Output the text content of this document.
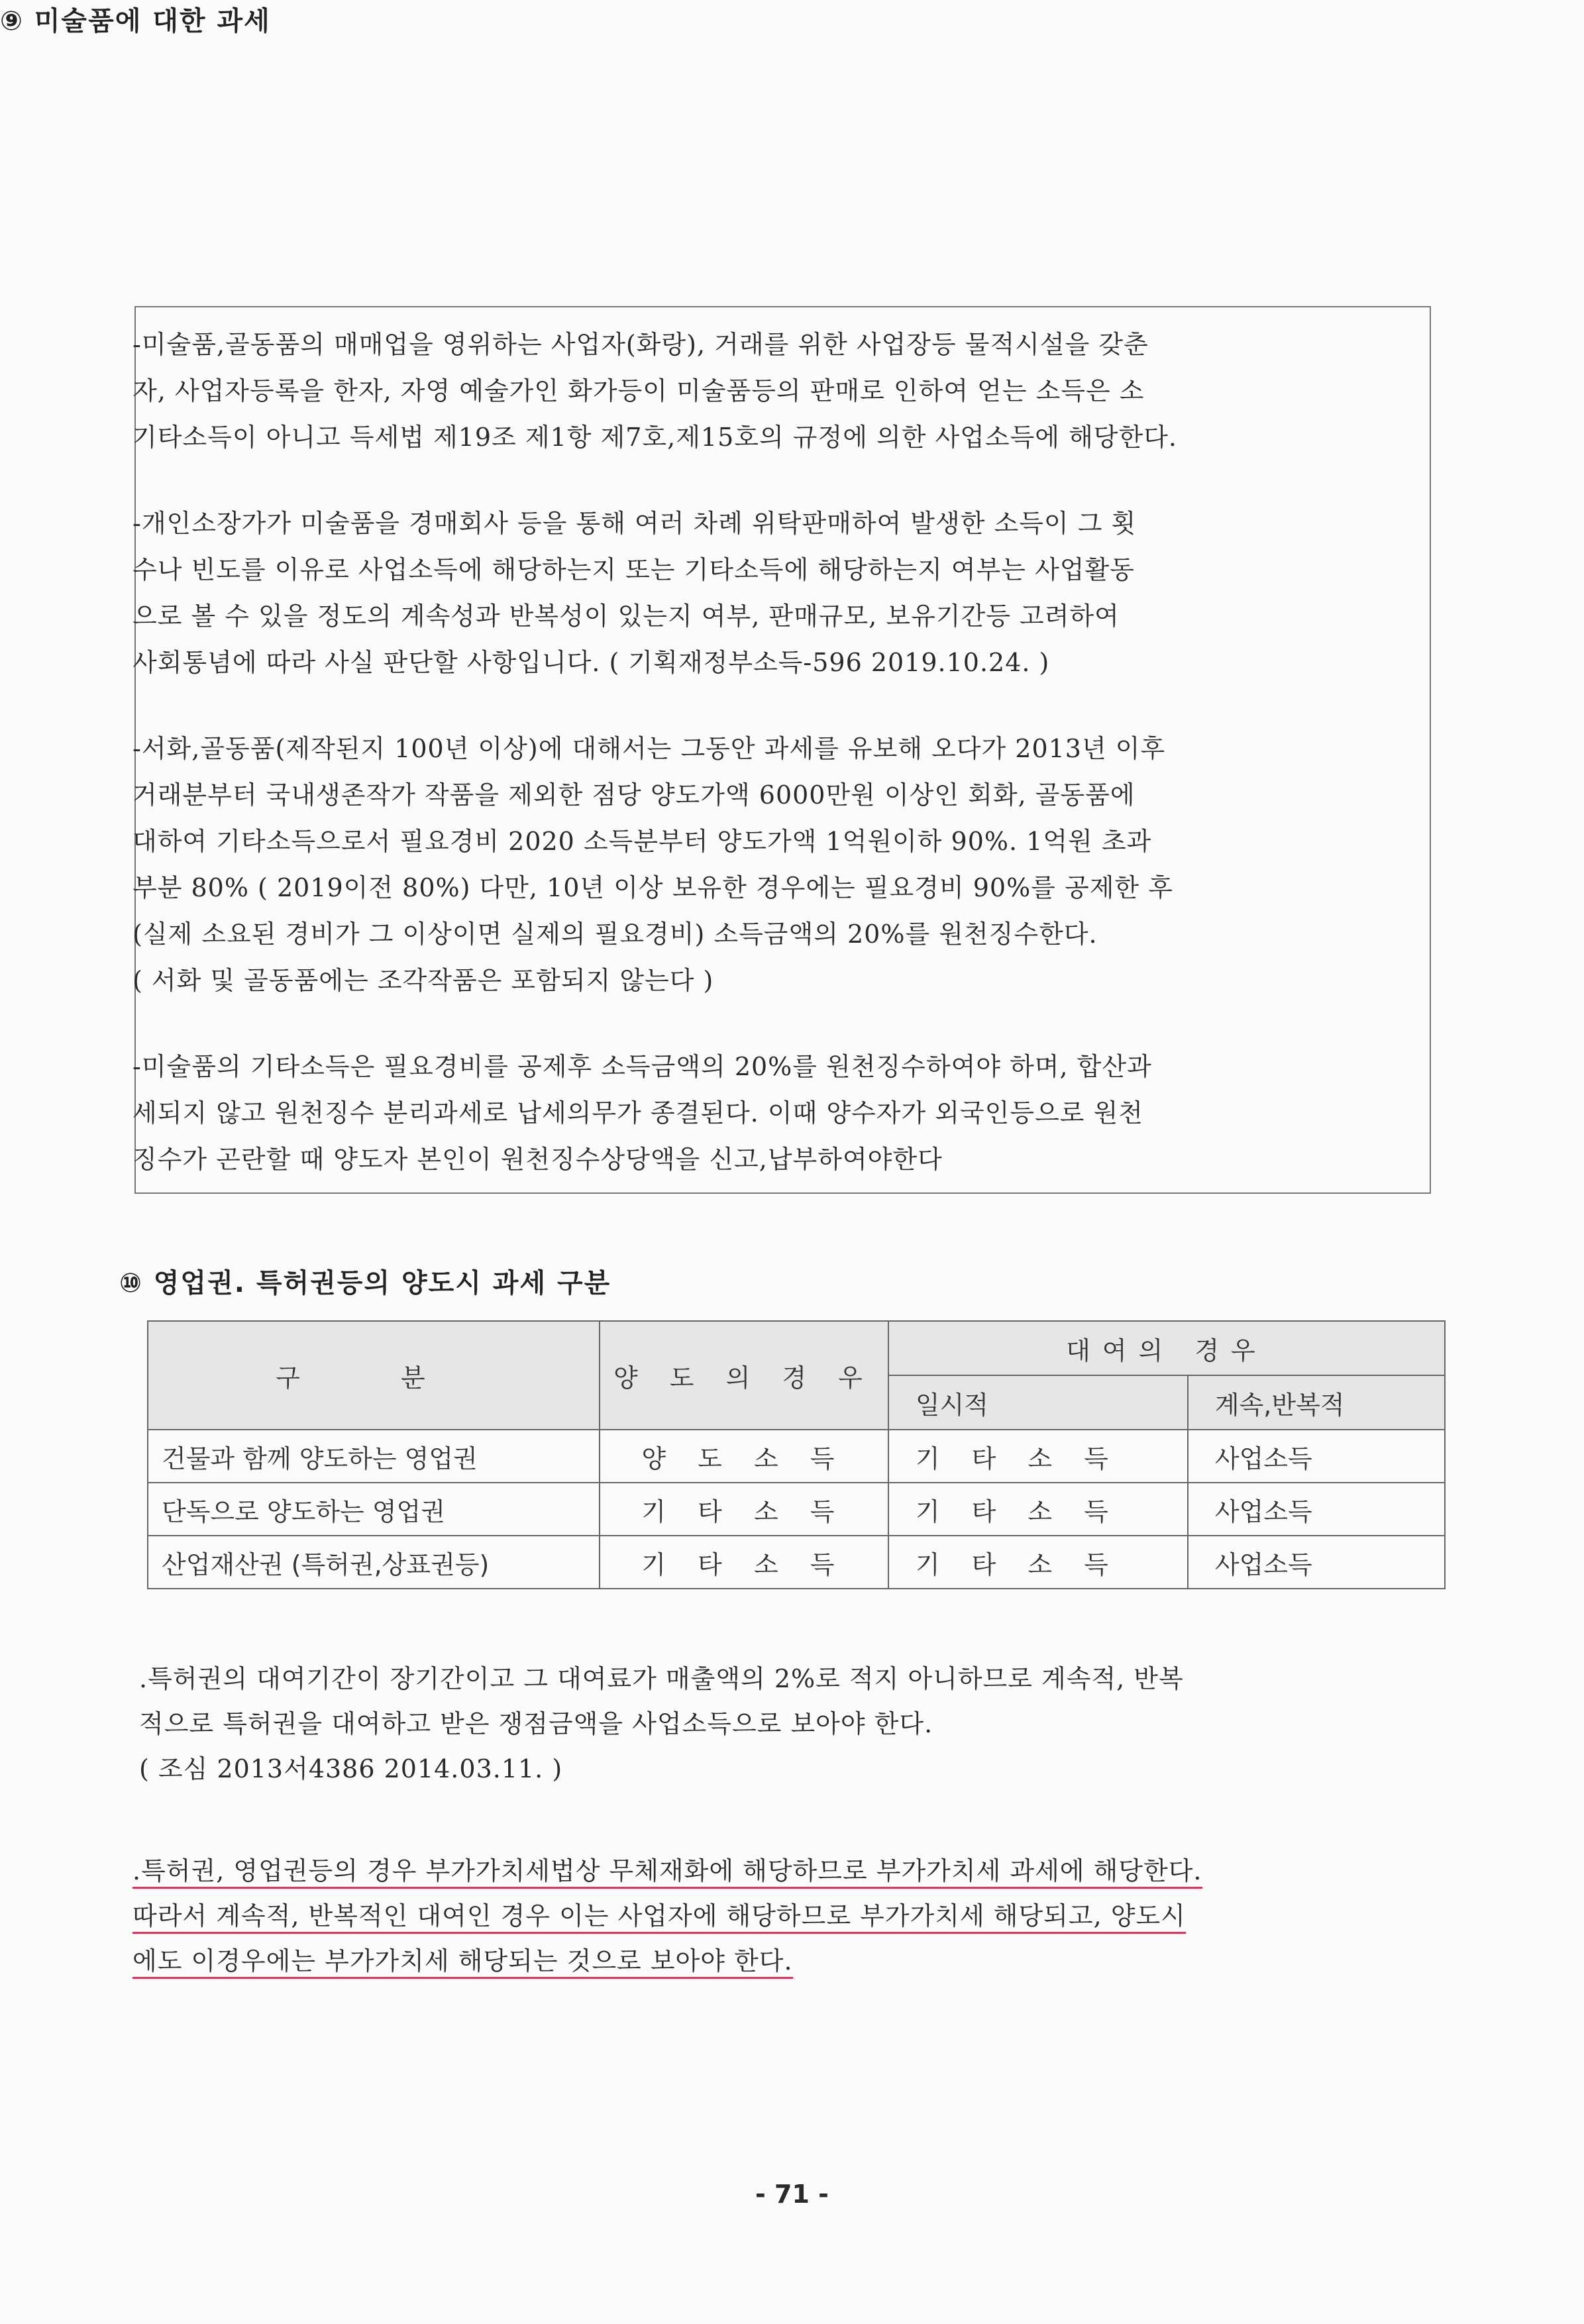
⑨ 미술품에 대한 과세
-미술품,골동품의 매매업을 영위하는 사업자(화랑), 거래를 위한 사업장등 물적시설을 갖춘
자, 사업자등록을 한자, 자영 예술가인 화가등이 미술품등의 판매로 인하여 얻는 소득은 소
기타소득이 아니고 득세법 제19조 제1항 제7호,제15호의 규정에 의한 사업소득에 해당한다.
-개인소장가가 미술품을 경매회사 등을 통해 여러 차례 위탁판매하여 발생한 소득이 그 횟
수나 빈도를 이유로 사업소득에 해당하는지 또는 기타소득에 해당하는지 여부는 사업활동
으로 볼 수 있을 정도의 계속성과 반복성이 있는지 여부, 판매규모, 보유기간등 고려하여
사회통념에 따라 사실 판단할 사항입니다. ( 기획재정부소득-596 2019.10.24. )
-서화,골동품(제작된지 100년 이상)에 대해서는 그동안 과세를 유보해 오다가 2013년 이후
거래분부터 국내생존작가 작품을 제외한 점당 양도가액 6000만원 이상인 회화, 골동품에
대하여 기타소득으로서 필요경비 2020 소득분부터 양도가액 1억원이하 90%. 1억원 초과
부분 80% ( 2019이전 80%) 다만, 10년 이상 보유한 경우에는 필요경비 90%를 공제한 후
(실제 소요된 경비가 그 이상이면 실제의 필요경비) 소득금액의 20%를 원천징수한다.
( 서화 및 골동품에는 조각작품은 포함되지 않는다 )
-미술품의 기타소득은 필요경비를 공제후 소득금액의 20%를 원천징수하여야 하며, 합산과
세되지 않고 원천징수 분리과세로 납세의무가 종결된다. 이때 양수자가 외국인등으로 원천
징수가 곤란할 때 양도자 본인이 원천징수상당액을 신고,납부하여야한다
⑩ 영업권. 특허권등의 양도시 과세 구분
구 분	양 도 의 경 우	대여의 경우	
		일시적	계속,반복적
건물과 함께 양도하는 영업권	양 도 소 득	기 타 소 득	사업소득
단독으로 양도하는 영업권	기 타 소 득	기 타 소 득	사업소득
산업재산권 (특허권,상표권등)	기 타 소 득	기 타 소 득	사업소득
.특허권의 대여기간이 장기간이고 그 대여료가 매출액의 2%로 적지 아니하므로 계속적, 반복
적으로 특허권을 대여하고 받은 쟁점금액을 사업소득으로 보아야 한다.
( 조심 2013서4386 2014.03.11. )
.특허권, 영업권등의 경우 부가가치세법상 무체재화에 해당하므로 부가가치세 과세에 해당한다.
따라서 계속적, 반복적인 대여인 경우 이는 사업자에 해당하므로 부가가치세 해당되고, 양도시
에도 이경우에는 부가가치세 해당되는 것으로 보아야 한다.
- 71 -
